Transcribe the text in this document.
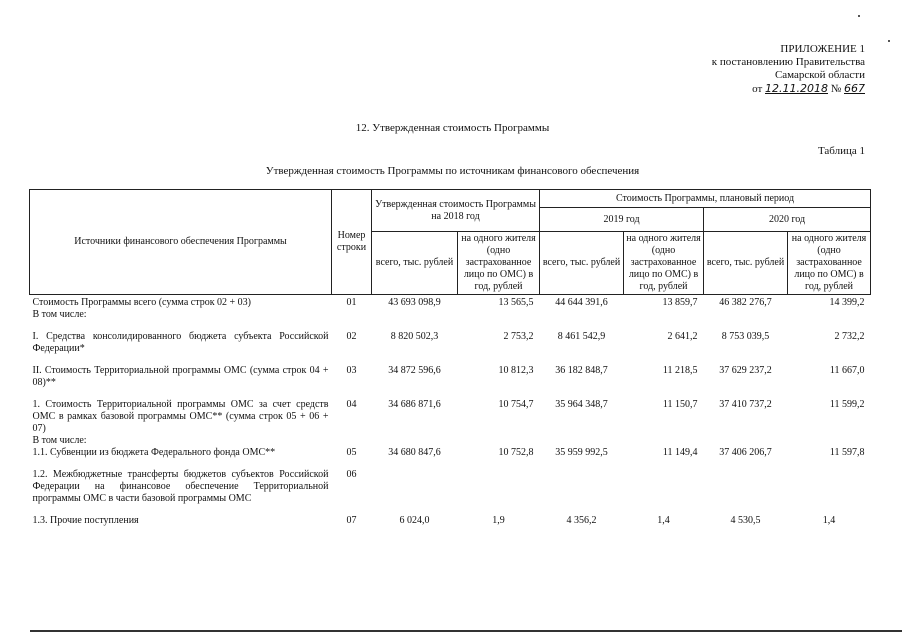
ПРИЛОЖЕНИЕ 1
к постановлению Правительства
Самарской области
от 12.11.2018 № 667
12. Утвержденная стоимость Программы
Таблица 1
Утвержденная стоимость Программы по источникам финансового обеспечения
Источники финансового обеспечения Программы	Номер строки	Утвержденная стоимость Программы на 2018 год		Стоимость Программы, плановый период			
				2019 год		2020 год	
		всего, тыс. рублей	на одного жителя (одно застрахованное лицо по ОМС) в год, рублей	всего, тыс. рублей	на одного жителя (одно застрахованное лицо по ОМС) в год, рублей	всего, тыс. рублей	на одного жителя (одно застрахованное лицо по ОМС) в год, рублей
Стоимость Программы всего (сумма строк 02 + 03)	01	43 693 098,9	13 565,5	44 644 391,6	13 859,7	46 382 276,7	14 399,2
В том числе:							
I. Средства консолидированного бюджета субъекта Российской Федерации*	02	8 820 502,3	2 753,2	8 461 542,9	2 641,2	8 753 039,5	2 732,2
II. Стоимость Территориальной программы ОМС (сумма строк 04 + 08)**	03	34 872 596,6	10 812,3	36 182 848,7	11 218,5	37 629 237,2	11 667,0
1. Стоимость Территориальной программы ОМС за счет средств ОМС в рамках базовой программы ОМС** (сумма строк 05 + 06 + 07)	04	34 686 871,6	10 754,7	35 964 348,7	11 150,7	37 410 737,2	11 599,2
В том числе:							
1.1. Субвенции из бюджета Федерального фонда ОМС**	05	34 680 847,6	10 752,8	35 959 992,5	11 149,4	37 406 206,7	11 597,8
1.2. Межбюджетные трансферты бюджетов субъектов Российской Федерации на финансовое обеспечение Территориальной программы ОМС в части базовой программы ОМС	06						
1.3. Прочие поступления	07	6 024,0	1,9	4 356,2	1,4	4 530,5	1,4
